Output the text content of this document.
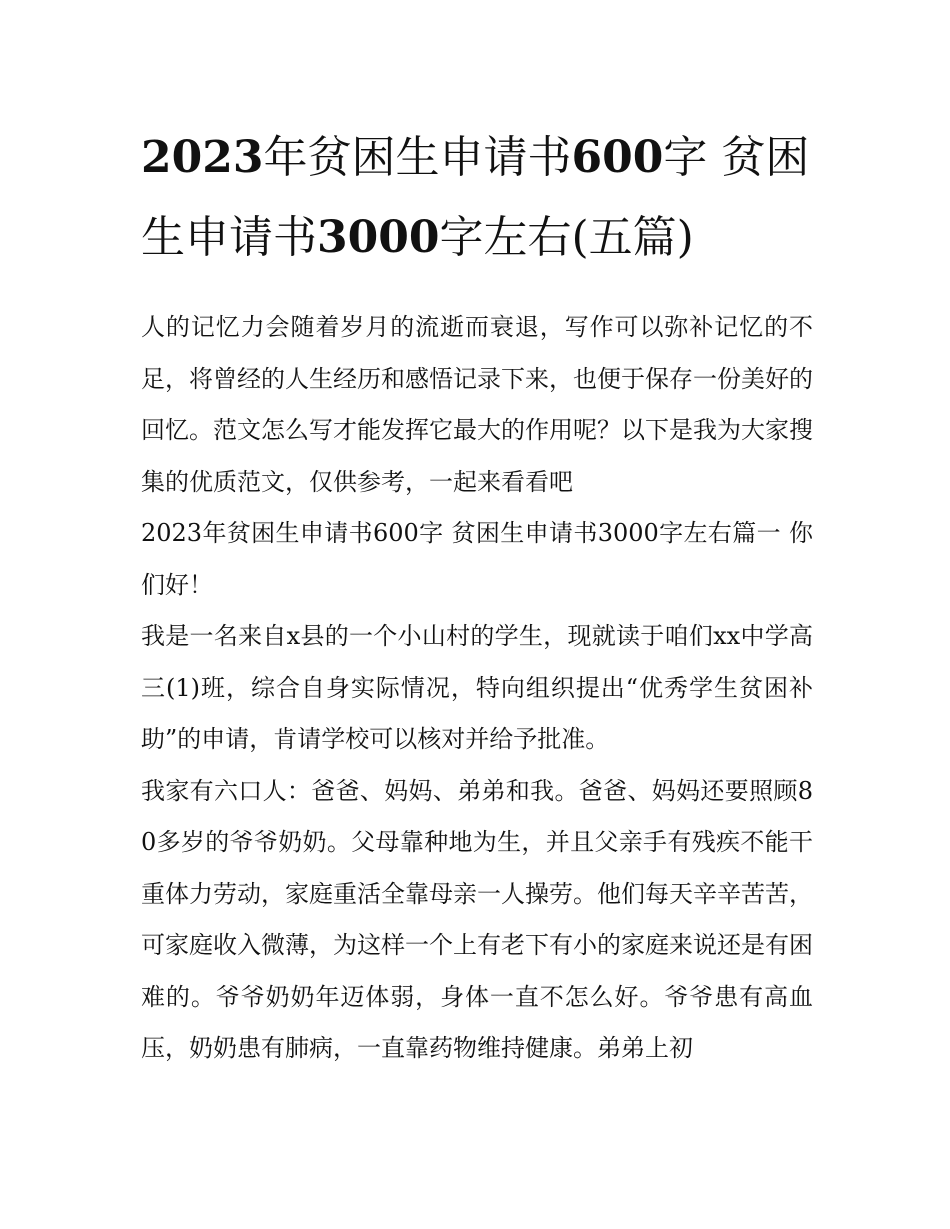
2023年贫困生申请书600字 贫困生申请书3000字左右(五篇)

人的记忆力会随着岁月的流逝而衰退，写作可以弥补记忆的不足，将曾经的人生经历和感悟记录下来，也便于保存一份美好的回忆。范文怎么写才能发挥它最大的作用呢？以下是我为大家搜集的优质范文，仅供参考，一起来看看吧

2023年贫困生申请书600字 贫困生申请书3000字左右篇一 你们好！

我是一名来自x县的一个小山村的学生，现就读于咱们xx中学高三(1)班，综合自身实际情况，特向组织提出“优秀学生贫困补助”的申请，肯请学校可以核对并给予批准。

我家有六口人：爸爸、妈妈、弟弟和我。爸爸、妈妈还要照顾80多岁的爷爷奶奶。父母靠种地为生，并且父亲手有残疾不能干重体力劳动，家庭重活全靠母亲一人操劳。他们每天辛辛苦苦，可家庭收入微薄，为这样一个上有老下有小的家庭来说还是有困难的。爷爷奶奶年迈体弱，身体一直不怎么好。爷爷患有高血压，奶奶患有肺病，一直靠药物维持健康。弟弟上初
